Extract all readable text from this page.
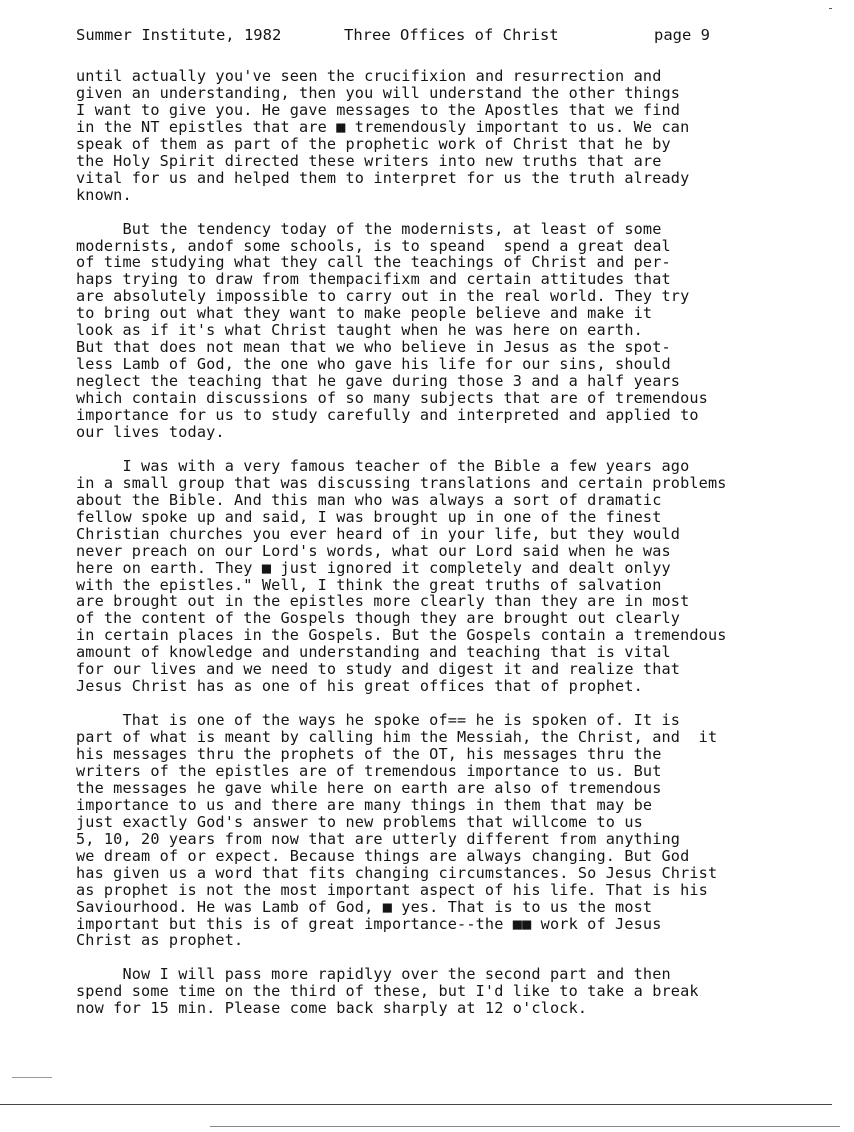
Summer Institute, 1982	Three Offices of Christ	page 9
until actually you've seen the crucifixion and resurrection and
given an understanding, then you will understand the other things
I want to give you. He gave messages to the Apostles that we find
in the NT epistles that are ■ tremendously important to us. We can
speak of them as part of the prophetic work of Christ that he by
the Holy Spirit directed these writers into new truths that are
vital for us and helped them to interpret for us the truth already
known.
But the tendency today of the modernists, at least of some
modernists, andof some schools, is to speand  spend a great deal
of time studying what they call the teachings of Christ and per-
haps trying to draw from thempacifixm and certain attitudes that
are absolutely impossible to carry out in the real world. They try
to bring out what they want to make people believe and make it
look as if it's what Christ taught when he was here on earth.
But that does not mean that we who believe in Jesus as the spot-
less Lamb of God, the one who gave his life for our sins, should
neglect the teaching that he gave during those 3 and a half years
which contain discussions of so many subjects that are of tremendous
importance for us to study carefully and interpreted and applied to
our lives today.
I was with a very famous teacher of the Bible a few years ago
in a small group that was discussing translations and certain problems
about the Bible. And this man who was always a sort of dramatic
fellow spoke up and said, I was brought up in one of the finest
Christian churches you ever heard of in your life, but they would
never preach on our Lord's words, what our Lord said when he was
here on earth. They ■ just ignored it completely and dealt onlyy
with the epistles." Well, I think the great truths of salvation
are brought out in the epistles more clearly than they are in most
of the content of the Gospels though they are brought out clearly
in certain places in the Gospels. But the Gospels contain a tremendous
amount of knowledge and understanding and teaching that is vital
for our lives and we need to study and digest it and realize that
Jesus Christ has as one of his great offices that of prophet.
That is one of the ways he spoke of== he is spoken of. It is
part of what is meant by calling him the Messiah, the Christ, and  it
his messages thru the prophets of the OT, his messages thru the
writers of the epistles are of tremendous importance to us. But
the messages he gave while here on earth are also of tremendous
importance to us and there are many things in them that may be
just exactly God's answer to new problems that willcome to us
5, 10, 20 years from now that are utterly different from anything
we dream of or expect. Because things are always changing. But God
has given us a word that fits changing circumstances. So Jesus Christ
as prophet is not the most important aspect of his life. That is his
Saviourhood. He was Lamb of God, ■ yes. That is to us the most
important but this is of great importance--the ■■ work of Jesus
Christ as prophet.
Now I will pass more rapidlyy over the second part and then
spend some time on the third of these, but I'd like to take a break
now for 15 min. Please come back sharply at 12 o'clock.
